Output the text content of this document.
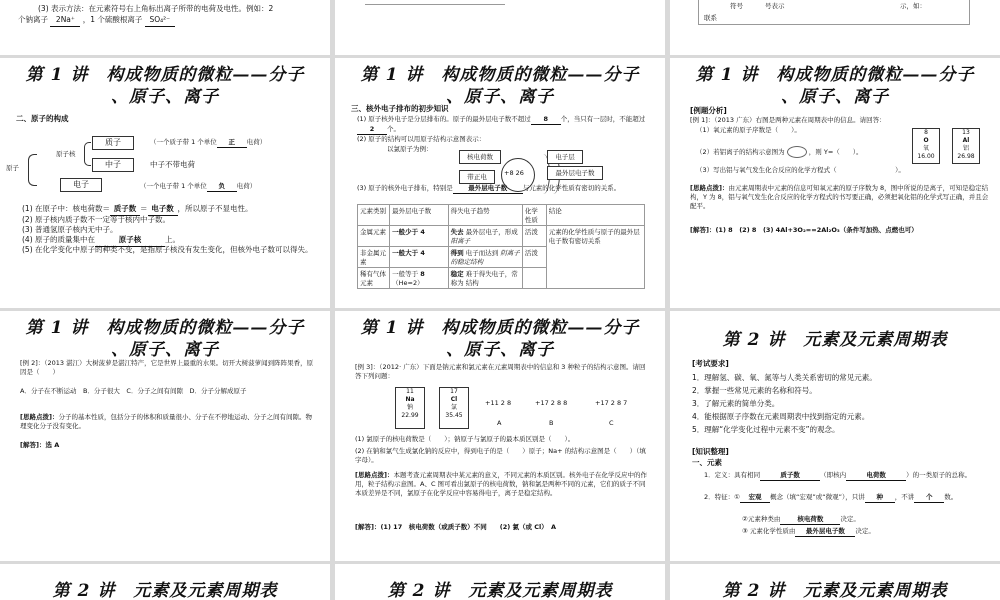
(3) 表示方法：在元素符号右上角标出离子所带的电荷及电性。例如：2
个钠离子 2Na⁺ ，1 个硫酸根离子 SO₄²⁻
符号	号表示	示，如：
联系
第 1 讲　构成物质的微粒——分子
、原子、离子
二、原子的构成
原子
原子核
质子	（一个质子带 1 个单位 正 电荷）
中子	中子不带电荷
电子	（一个电子带 1 个单位 负 电荷）
(1) 在原子中：核电荷数＝ 质子数 ＝ 电子数 ，所以原子不显电性。
(2) 原子核内质子数不一定等于核内中子数。
(3) 普通氢原子核内无中子。
(4) 原子的质量集中在	原子核	上。
(5) 在化学变化中原子的种类不变，是指原子核没有发生变化，但核外电子数可以得失。
第 1 讲　构成物质的微粒——分子
、原子、离子
三、核外电子排布的初步知识
(1) 原子核外电子是分层排布的。原子的最外层电子数不超过 8 个，当只有一层时，不能超过2 个。
(2) 原子的结构可以用原子结构示意图表示：
以氯原子为例：
核电荷数
+8 26
电子层
带正电	最外层电子数
(3) 原子的核外电子排布，特别是 最外层电子数 与元素的化学性质有密切的关系。
元素类别	最外层电子数	得失电子趋势	化学性质	结论
金属元素	一般少于 4	失去 最外层电子，形成 阳离子	活泼	元素的化学性质与原子的最外层电子数有密切关系
非金属元素	一般大于 4	得到 电子而达到 阴离子的稳定结构	活泼	
稀有气体元素	一般等于 8 （He=2）	稳定 难于得失电子，常称为 结构		
第 1 讲　构成物质的微粒——分子
、原子、离子
[例题分析]
[例 1]：（2013 广东）右图是两种元素在周期表中的信息。请回答：
（1）氧元素的原子序数是（　　）。	8
O
氧
16.00
13
Al
铝
26.98
（2）若铝离子的结构示意图为	，则 Y=（　　）。
（3）写出铝与氧气发生化合反应的化学方程式（　　　　　　　　　）。
[思路点拨]：由元素周期表中元素的信息可知氧元素的原子序数为 8，图中所说的是离子，可知是稳定结构，Y 为 8，铝与氧气发生化合反应的化学方程式的书写要正确，必须把氧化铝的化学式写正确，并且会配平。
[解答]：(1) 8　(2) 8　(3) 4Al+3O₂==2Al₂O₃（条件写加热、点燃也可）
第 1 讲　构成物质的微粒——分子
、原子、离子
[例 2]：（2013 湛江）大树菠萝是湛江特产，它是世界上最重的水果。切开大树菠萝闻到阵阵果香，原因是（　　）
A．分子在不断运动　B．分子很大　C．分子之间有间隙　D．分子分解成原子
[思路点拨]：分子的基本性质，包括分子的体积和质量很小、分子在不停地运动、分子之间有间隙。物理变化分子没有变化。
[解答]：选 A
第 1 讲　构成物质的微粒——分子
、原子、离子
[例 3]：（2012· 广东）下面是钠元素和氯元素在元素周期表中的信息和 3 种粒子的结构示意图。请回答下列问题：
11
Na
钠
22.99
17
Cl
氯
35.45
+11 2 8	+17 2 8 8	+17 2 8 7
A	B	C
(1) 氯原子的核电荷数是（　　）；钠原子与氯原子的最本质区别是（　　）。
(2) 在钠和氯气生成氯化钠的反应中，得到电子的是（　　）原子；Na+ 的结构示意图是（　　）（填字母）。
[思路点拨]：本题考查元素周期表中某元素的意义，不同元素的本质区别。核外电子在化学反应中的作用，粒子结构示意图。A、C 图可看出氯原子的核电荷数，钠和氯是两种不同的元素，它们的质子不同本质差异是不同，氯原子在化学反应中容易得电子，离子是稳定结构。
[解答]：(1) 17　核电荷数（或质子数）不同　　(2) 氯（或 Cl）　A
第 2 讲　元素及元素周期表
[考试要求]
1．理解氢、碳、氧、氮等与人类关系密切的常见元素。
2．掌握一些常见元素的名称和符号。
3．了解元素的简单分类。
4．能根据原子序数在元素周期表中找到指定的元素。
5．理解“化学变化过程中元素不变”的观念。
[知识整理]
一、元素
1．定义：具有相同	质子数	（即核内	电荷数	）的一类原子的总称。
2．特征：① 宏观 概念（填“宏观”或“微观”），只讲 种 ，不讲 个 数。
②元素种类由	核电荷数	决定。
③ 元素化学性质由 最外层电子数 决定。
第 2 讲　元素及元素周期表	第 2 讲　元素及元素周期表	第 2 讲　元素及元素周期表
